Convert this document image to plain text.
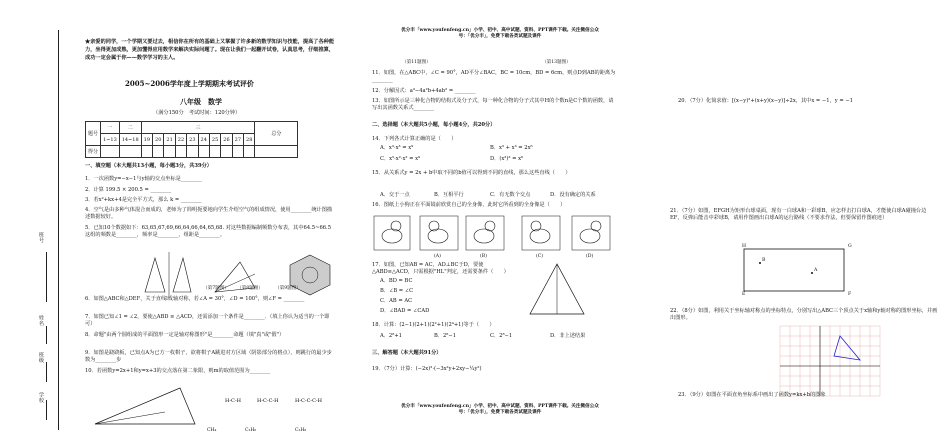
班号
姓名
班级
学校
★亲爱的同学，一个学期又要过去，相信你在所有的基础上又掌握了许多新的数学知识与技能，提高了各种能力，坐得更加成熟，更加懂得应用数学来解决实际问题了。现在让我们一起翻开试卷，认真思考，仔细推算，成功一定会属于你——数学学习的主人。
2005~2006学年度上学期期末考试评价
八年级　数学
（满分150分　考试时间：120分钟）
题号	一	二	三										总分
	1~13	14~18	19	20	21	22	23	24	25	26	27	28	
得分													
一、填空题（本大题共13小题，每小题3分，共39分）
1．一次函数y=−x−1与y轴的交点坐标是________
2．计算 199.5 × 200.5 = ________
3．若x²+kx+4是完全平方式，那么 k = ________
4．空气是由多种气体混合而成的，老师为了简明扼要地向学生介绍空气的组成情况，使用________统计图描述数据较好。
5．已知10个数据如下：63,65,67,69,66,64,66,64,65,68. 对这些数据编制频数分布表，其中64.5~66.5这组的频数是________，频率是________，组距是________。
（第7题图） （第8题图）	（第9题图）
6．如图△ABC和△DEF，关于直线l成轴对称，若∠A = 30°，∠D = 100°，则∠F = ________
7．如图已知∠1 = ∠2，要使△ABD ≅ △ACD，还需添加一个条件是________．（填上你认为适当的一个即可）
8．命题"由两个圆组成的平面图形一定是轴对称图形"是________命题（填"真"或"假"）
9．如图是跷跷板，已知点A为已方一枚棋子，欲将棋子A跳进对方区域（阴影部分的格点），则跳行的最少步数为________步
10．若函数y=2x+1和y=x+3的交点落在第二象限，则m的取值范围为________
H-C-H	H-C-C-H	H-C-C-C-H
CH₄	C₂H₆	C₃H₈
优分丰「www.youfenfeng.cn」小学、初中、高中试题、资料、PPT课件下载。关注微信公众号：「优分丰」，免费下载各类试题及课件
（第11题图）	（第13题图）
11．如图，在△ABC中，∠C = 90°，AD平分∠BAC，BC = 10cm，BD = 6cm，则点D到AB的距离为________
12．分解因式：a³−4a²b+4ab² = ________
13．如图所示是三种化合物的结构式及分子式，每一种化合物的分子式其中H的个数n是C个数的函数，请写出其函数关系式________
二、选择题（本大题共5小题，每小题4分，共20分）
14．下列各式计算正确的是（　　）
A．x³·x³ = x⁹	B．x³ + x³ = 2x⁶
C．x⁵·x²·x² = x⁹	D．(x²)³ = x⁶
15．从关系式y = 2x + b中取不同的b值可以得到不同的直线，那么这些直线（　　）
A．交于一点	B．互相平行	C．有无数个交点	D．没有确定的关系
16．图纸上小狗正在平面镜前欣赏自己的全身像，此时它所看到的全身像是（　　）
(A)	(B)	(C)	(D)
17．如图，已知AB = AC，AD⊥BC于D，要使△ABD≅△ACD，只需根据"HL"判定，还需要条件（　　）
A．BD = BC
B．∠B = ∠C
C．AB = AC
D．∠BAD = ∠CAD
18．计算：(2−1)(2+1)(2²+1)(2⁴+1)等于（　　）
A．2⁸+1	B．2⁸−1	C．2⁸−1	D．非上述结果
三、解答题（本大题共91分）
19．（7分）计算：(−2x)²·(−3x²y+2xy−¼y²)
优分丰「www.youfenfeng.cn」小学、初中、高中试题、资料、PPT课件下载。关注微信公众号：「优分丰」，免费下载各类试题及课件
20．（7分）化简求值：[(x−y)²+(x+y)(x−y)]÷2x，其中x = −1，y = −1
21．（7分）如图，EFGH为矩形台球桌面，现有一白球A和一彩球B，应怎样击打白球A，才能使白球A碰撞台边EF，反弹后能击中彩球B，请用作图画出白球A的运行路线（不要求作法，但要保留作图痕迹）
H	G
E	F
B
A
22．（8分）如图，利用关于坐标轴对称点的坐标特点，分别写出△ABC三个顶点关于x轴和y轴对称的图形坐标，并画出图形。
23．（9分）如图在平面直角坐标系中画出了函数y=kx+b的图象
